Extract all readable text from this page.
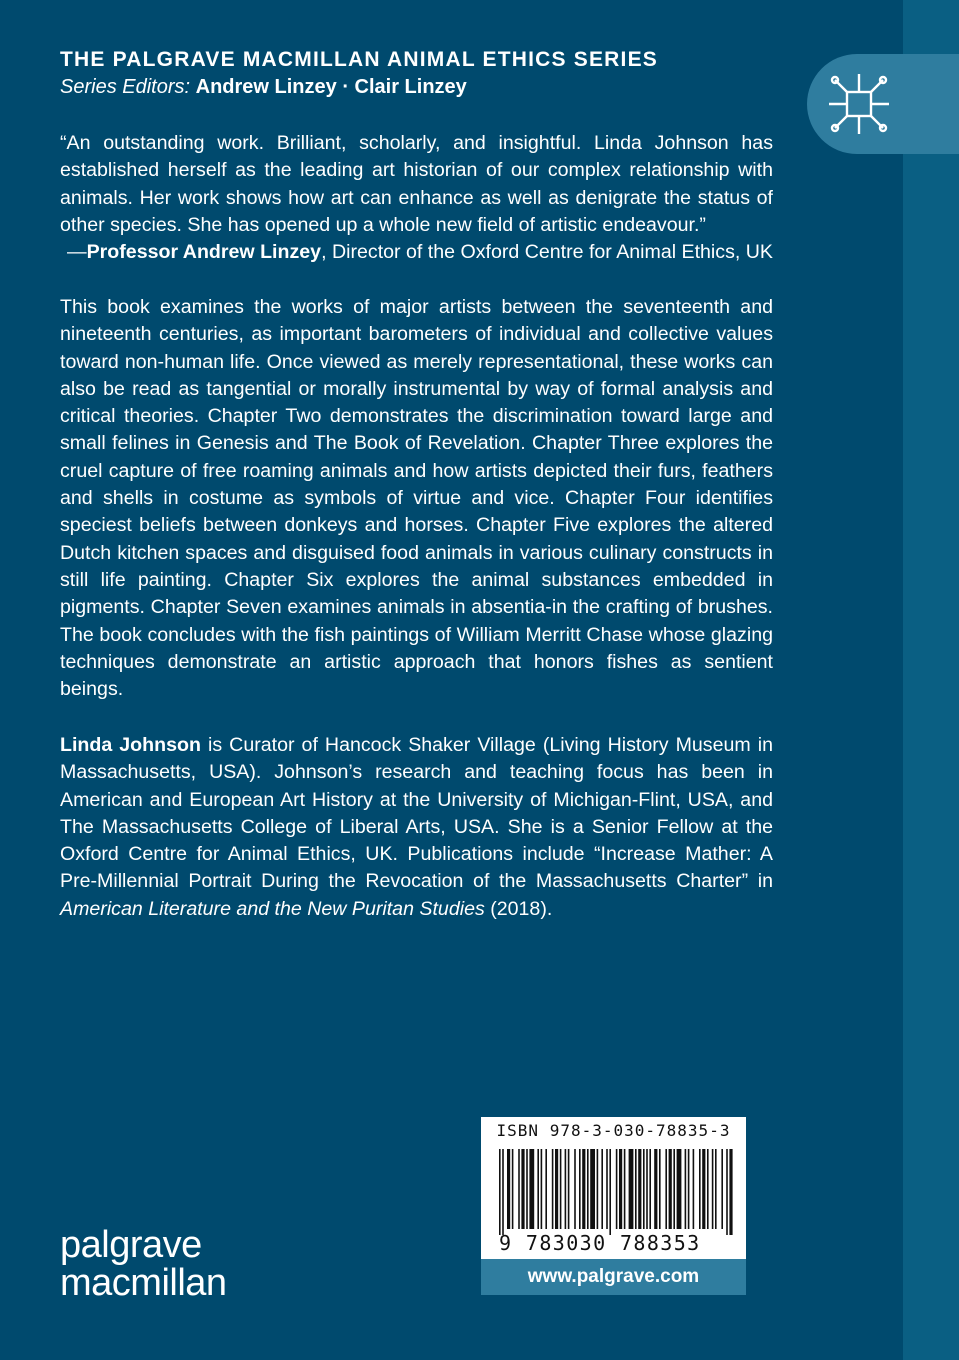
THE PALGRAVE MACMILLAN ANIMAL ETHICS SERIES
Series Editors: Andrew Linzey · Clair Linzey

“An outstanding work. Brilliant, scholarly, and insightful. Linda Johnson has established herself as the leading art historian of our complex relationship with animals. Her work shows how art can enhance as well as denigrate the status of other species. She has opened up a whole new field of artistic endeavour.”

—Professor Andrew Linzey, Director of the Oxford Centre for Animal Ethics, UK

This book examines the works of major artists between the seventeenth and nineteenth centuries, as important barometers of individual and collective values toward non-human life. Once viewed as merely representational, these works can also be read as tangential or morally instrumental by way of formal analysis and critical theories. Chapter Two demonstrates the discrimination toward large and small felines in Genesis and The Book of Revelation. Chapter Three explores the cruel capture of free roaming animals and how artists depicted their furs, feathers and shells in costume as symbols of virtue and vice. Chapter Four identifies speciest beliefs between donkeys and horses. Chapter Five explores the altered Dutch kitchen spaces and disguised food animals in various culinary constructs in still life painting. Chapter Six explores the animal substances embedded in pigments. Chapter Seven examines animals in absentia-in the crafting of brushes. The book concludes with the fish paintings of William Merritt Chase whose glazing techniques demonstrate an artistic approach that honors fishes as sentient beings.

Linda Johnson is Curator of Hancock Shaker Village (Living History Museum in Massachusetts, USA). Johnson’s research and teaching focus has been in American and European Art History at the University of Michigan-Flint, USA, and The Massachusetts College of Liberal Arts, USA. She is a Senior Fellow at the Oxford Centre for Animal Ethics, UK. Publications include “Increase Mather: A Pre-Millennial Portrait During the Revocation of the Massachusetts Charter” in American Literature and the New Puritan Studies (2018).

ISBN 978-3-030-78835-3
9 783030 788353
www.palgrave.com
palgrave
macmillan
